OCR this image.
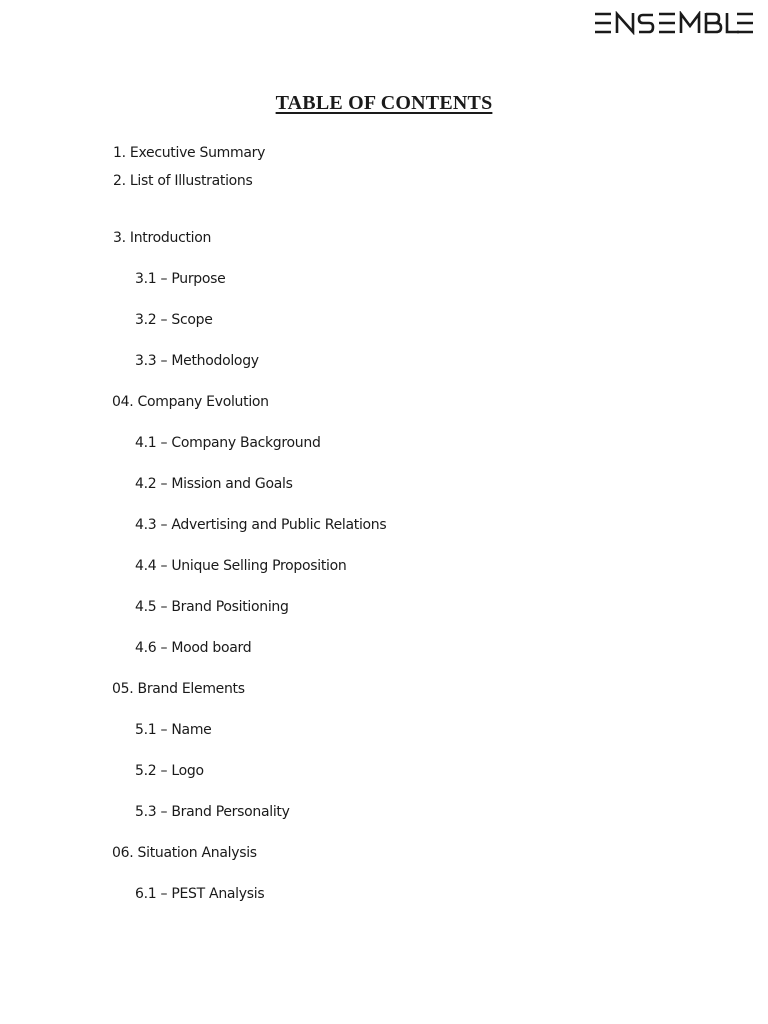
TABLE OF CONTENTS
1. Executive Summary
2. List of Illustrations
3. Introduction
3.1 – Purpose
3.2 – Scope
3.3 – Methodology
04. Company Evolution
4.1 – Company Background
4.2 – Mission and Goals
4.3 – Advertising and Public Relations
4.4 – Unique Selling Proposition
4.5 – Brand Positioning
4.6 – Mood board
05. Brand Elements
5.1 – Name
5.2 – Logo
5.3 – Brand Personality
06. Situation Analysis
6.1 – PEST Analysis
